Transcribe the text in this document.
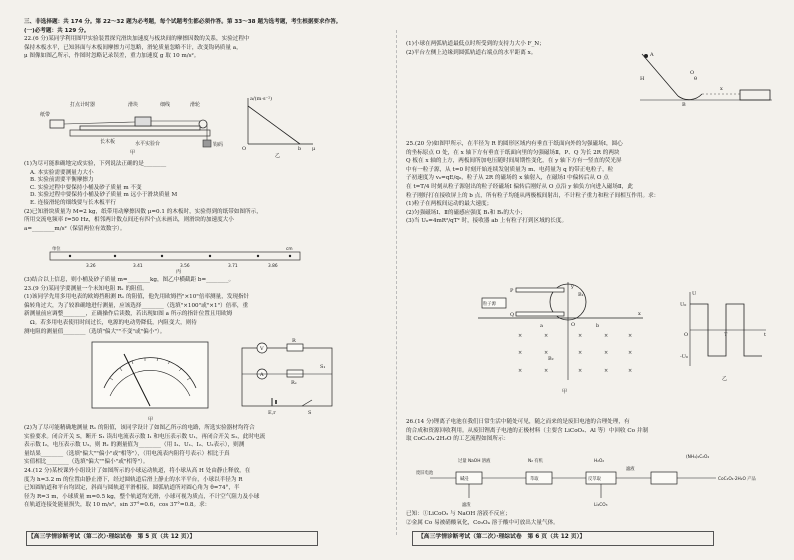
三、非选择题：共 174 分。第 22～32 题为必考题，每个试题考生都必须作答。第 33～38 题为选考题，考生根据要求作答。
(一)必考题：共 129 分。
22.(6 分)某同学利用图甲实验装置探究滑块加速度与板块间的摩擦因数的关系，实验过程中
保持木板水平，已知斜面与木板间摩擦力可忽略，滑轮质量忽略不计，改变钩码质量 a，
μ 图像如图乙所示，作图时忽略记录误差，重力加速度 g 取 10 m/s²。
打点计时器	滑块	细线	滑轮
长木板	水平实验台
纸带
钩码
甲
a/(m·s⁻²)
μ
O	b
乙
(1)为尽可能准确地完成实验，下列说法正确的是________
A. 本实验需要测量力大小
B. 实验前需要平衡摩擦力
C. 实验过程中要保持小桶及砂子质量 m 不变
D. 实验过程中要保持小桶及砂子质量 m 远小于滑块质量 M
E. 连接滑轮的细线要与长木板平行
(2)已知滑块质量为 M=2 kg，纸带用动摩擦因数 μ=0.1 的木板时，实验得到的纸带如图所示，
所用交流电频率 f=50 Hz，相邻两计数点间还有四个点未画出，则滑块的加速度大小
a=________m/s²（保留两位有效数字）。
单位	cm
3.26	3.41	3.56	3.71	3.86
丙
(3)结合以上信息，则小桶及砂子质量 m=________kg，图乙中横截距 b=________。
23.(9 分)某同学要测量一个未知电阻 Rₓ 的阻值。
(1)该同学先用多用电表的欧姆挡粗测 Rₓ 的阻值，他先用欧姆挡"×10"倍率测量，发现指针
偏转角过大，为了较准确地进行测量，应该选择________（选填"×100"或"×1"）倍率，重
新测量前应调整________，正确操作后读数，若出现如图 a 所示的指针位置且用欧姆
Ω。若多用电表使用时间过长，电源的电动势降低，内阻变大，则待
测电阻的测量值________（选填"偏大""不变"或"偏小"）。
甲
V
A
Rₓ
R
E,r	S
S₁
(2)为了尽可能精确地测量 Rₓ 的阻值，该同学设计了如图乙所示的电路，所选实验器材均符合
实验要求。闭合开关 S，断开 S₁ 读出电流表示数 I₁ 和电压表示数 U₁，再闭合开关 S₁，此时电流
表示数 I₂，电压表示数 U₂，则 Rₓ 的测量值为________（用 I₁、U₁、I₂、U₂表示），则测
量结果________（选填"偏大""偏小"或"相等"），（用电流表内阻符号表示）相比于真
实值相比________（选填"偏大""偏小"或"相等"）。
24.(12 分)某校课外小组设计了如图所示的小球运动轨道，将小球从高 H 处由静止释放，在
度为 h=3.2 m 的位置由静止滑下，经过圆轨道后滑上静止的水平平台，小球以半径为 R
已知圆轨道和平台均固定，斜面与圆轨道平滑相接，圆弧轨道所对圆心角为 θ=74°，半
径为 R=3 m，小球质量 m=0.5 kg，整个轨道均光滑，小球可视为质点，不计空气阻力及小球
在轨道连接处能量损失，取 10 m/s²，sin 37°=0.6，cos 37°=0.8。求：
【高三学情诊断考试（第二次）·理综试卷　第 5 页（共 12 页）】
(1)小球在两弧轨道最低点时所受到的支持力大小 F_N；
(2)平台左侧上边缘到圆弧轨道右端点的水平距离 x。	A
B
H	θ
O
x
25.(20 分)如图甲所示，在半径为 R 的圆形区域内有垂直于纸面向外的匀强磁场Ⅰ，圆心
的坐标原点 O 处，在 x 轴下方有垂直于纸面向里的匀强磁场Ⅱ，P、Q 为长 2R 的两块
Q 板在 x 轴的上方，两板间所加电压随时间周期性变化，在 y 轴下方有一竖直的荧光屏
中有一粒子源，从 t=0 时刻开始连续发射质量为 m、电荷量为 q 的带正电粒子，粒
子初速度为 v₀=qE/q₀，粒子从 2R 的磁场的 x 轴射入，在磁场Ⅰ 中偏转后从 O 点
在 t=T/4 时刻从粒子源射出的粒子经磁场Ⅰ 偏转后刚好从 O 点沿 y 轴负方向进入磁场Ⅱ，此
粒子刚好打在接收屏上的 b 点，所有粒子均能从两极板间射出，不计粒子重力和粒子间相互作用。求：
(1)粒子在两板间运动的最大速度；
(2)匀强磁场Ⅰ、Ⅱ的磁感应强度 B₁和 B₂的大小；
(3)当 U₀=4mR²/qT² 时，接收器 ab 上有粒子打到区域的长度。
粒子源
P
Q
O
a	b
B₁
B₂
x
y
×	×	×	×	×
×	×	×	×	×
×	×	×	×	×
甲
U
U₀
-U₀
O	T	t
乙
26.(14 分)锂离子电池在我们日常生活中随处可见，随之而来的是废旧电池的合理处理，有
的合成和资源回收利用。从废旧锂离子电池的正极材料（主要含 LiCoO₂、Al 等）中回收 Co 并制
取 CoC₂O₄·2H₂O 的工艺流程如图所示：
过量 NaOH 溶液	N₂ 有机	H₂O₂
滤液
(NH₄)₂C₂O₄
滤渣
废旧电池
碱浸	萃取	反萃取
Li₂CO₃
CoC₂O₄·2H₂O 产品
已知：①LiCoO₂ 与 NaOH 溶液不反应；
②金属 Co 易被硝酸氧化，Co₃O₄ 溶于酸中可放出大量气体。
【高三学情诊断考试（第二次）·理综试卷　第 6 页（共 12 页）】
